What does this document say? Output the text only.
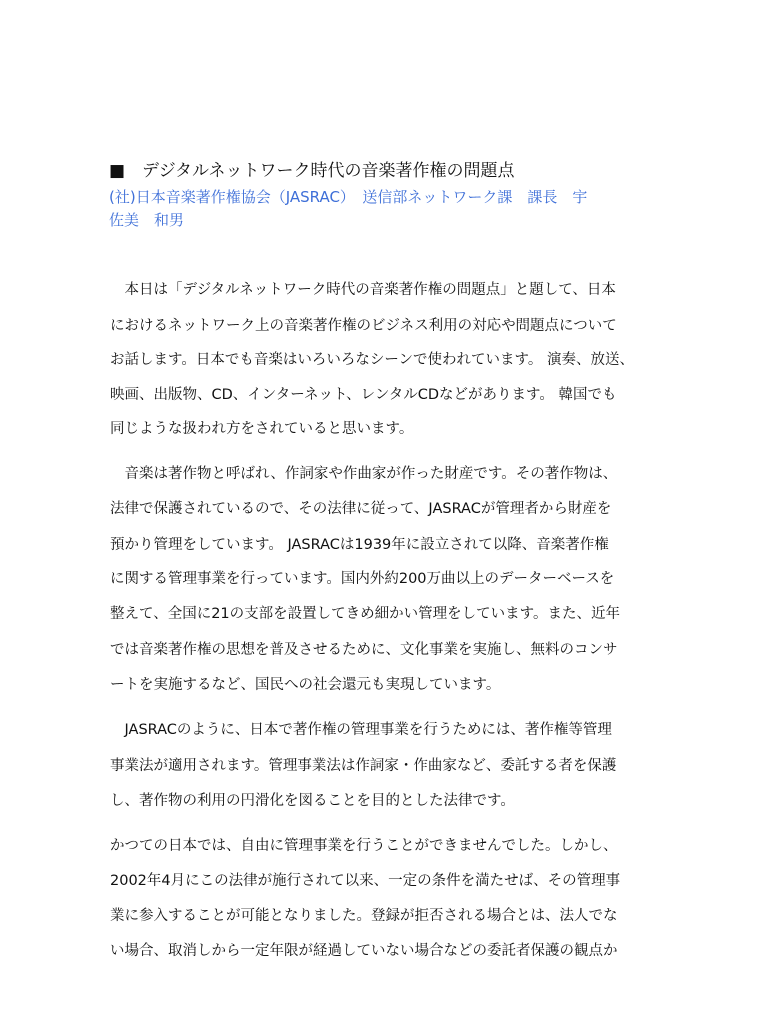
■　デジタルネットワーク時代の音楽著作権の問題点
(社)日本音楽著作権協会（JASRAC）　送信部ネットワーク課　課長　宇
佐美　和男
　本日は「デジタルネットワーク時代の音楽著作権の問題点」と題して、日本
におけるネットワーク上の音楽著作権のビジネス利用の対応や問題点について
お話します。日本でも音楽はいろいろなシーンで使われています。 演奏、放送、
映画、出版物、CD、インターネット、レンタルCDなどがあります。 韓国でも
同じような扱われ方をされていると思います。
　音楽は著作物と呼ばれ、作詞家や作曲家が作った財産です。その著作物は、
法律で保護されているので、その法律に従って、JASRACが管理者から財産を
預かり管理をしています。 JASRACは1939年に設立されて以降、音楽著作権
に関する管理事業を行っています。国内外約200万曲以上のデーターベースを
整えて、全国に21の支部を設置してきめ細かい管理をしています。また、近年
では音楽著作権の思想を普及させるために、文化事業を実施し、無料のコンサ
ートを実施するなど、国民への社会還元も実現しています。
　JASRACのように、日本で著作権の管理事業を行うためには、著作権等管理
事業法が適用されます。管理事業法は作詞家・作曲家など、委託する者を保護
し、著作物の利用の円滑化を図ることを目的とした法律です。
かつての日本では、自由に管理事業を行うことができませんでした。しかし、
2002年4月にこの法律が施行されて以来、一定の条件を満たせば、その管理事
業に参入することが可能となりました。登録が拒否される場合とは、法人でな
い場合、取消しから一定年限が経過していない場合などの委託者保護の観点か
